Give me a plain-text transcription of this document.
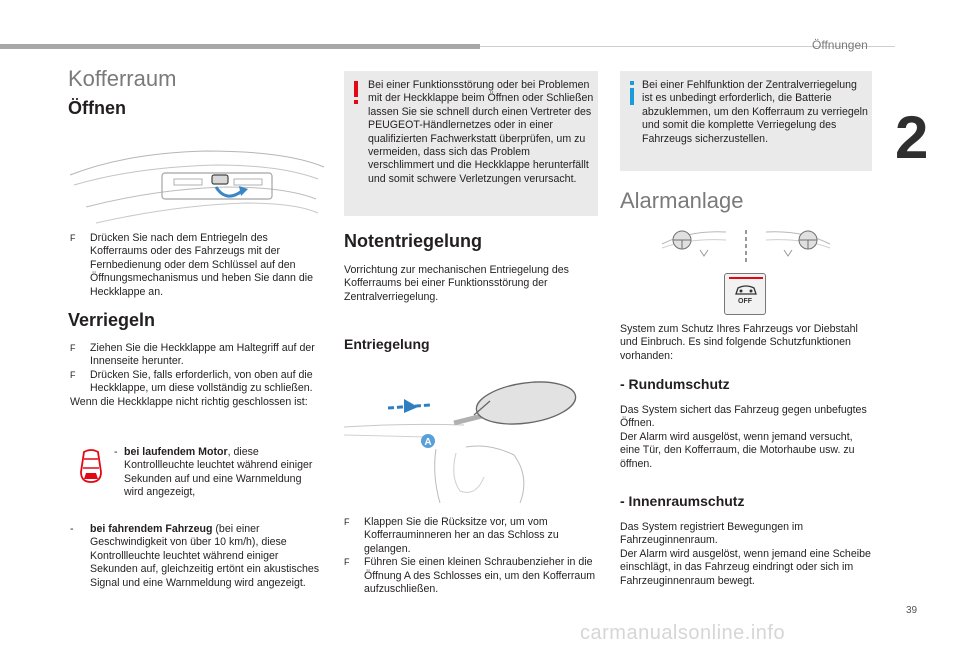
Öffnungen
2
Kofferraum
Öffnen
F Drücken Sie nach dem Entriegeln des Kofferraums oder des Fahrzeugs mit der Fernbedienung oder dem Schlüssel auf den Öffnungsmechanismus und heben Sie dann die Heckklappe an.
Verriegeln
F Ziehen Sie die Heckklappe am Haltegriff auf der Innenseite herunter.
F Drücken Sie, falls erforderlich, von oben auf die Heckklappe, um diese vollständig zu schließen.
Wenn die Heckklappe nicht richtig geschlossen ist:
- bei laufendem Motor, diese Kontrollleuchte leuchtet während einiger Sekunden auf und eine Warnmeldung wird angezeigt,
- bei fahrendem Fahrzeug (bei einer Geschwindigkeit von über 10 km/h), diese Kontrollleuchte leuchtet während einiger Sekunden auf, gleichzeitig ertönt ein akustisches Signal und eine Warnmeldung wird angezeigt.
Bei einer Funktionsstörung oder bei Problemen mit der Heckklappe beim Öffnen oder Schließen lassen Sie sie schnell durch einen Vertreter des PEUGEOT-Händlernetzes oder in einer qualifizierten Fachwerkstatt überprüfen, um zu vermeiden, dass sich das Problem verschlimmert und die Heckklappe herunterfällt und somit schwere Verletzungen verursacht.
Notentriegelung
Vorrichtung zur mechanischen Entriegelung des Kofferraums bei einer Funktionsstörung der Zentralverriegelung.
Entriegelung
A
F Klappen Sie die Rücksitze vor, um vom Kofferrauminneren her an das Schloss zu gelangen.
F Führen Sie einen kleinen Schraubenzieher in die Öffnung A des Schlosses ein, um den Kofferraum aufzuschließen.
Bei einer Fehlfunktion der Zentralverriegelung ist es unbedingt erforderlich, die Batterie abzuklemmen, um den Kofferraum zu verriegeln und somit die komplette Verriegelung des Fahrzeugs sicherzustellen.
Alarmanlage
OFF
System zum Schutz Ihres Fahrzeugs vor Diebstahl und Einbruch. Es sind folgende Schutzfunktionen vorhanden:
- Rundumschutz
Das System sichert das Fahrzeug gegen unbefugtes Öffnen.
Der Alarm wird ausgelöst, wenn jemand versucht, eine Tür, den Kofferraum, die Motorhaube usw. zu öffnen.
- Innenraumschutz
Das System registriert Bewegungen im Fahrzeuginnenraum.
Der Alarm wird ausgelöst, wenn jemand eine Scheibe einschlägt, in das Fahrzeug eindringt oder sich im Fahrzeuginnenraum bewegt.
39
carmanualsonline.info
